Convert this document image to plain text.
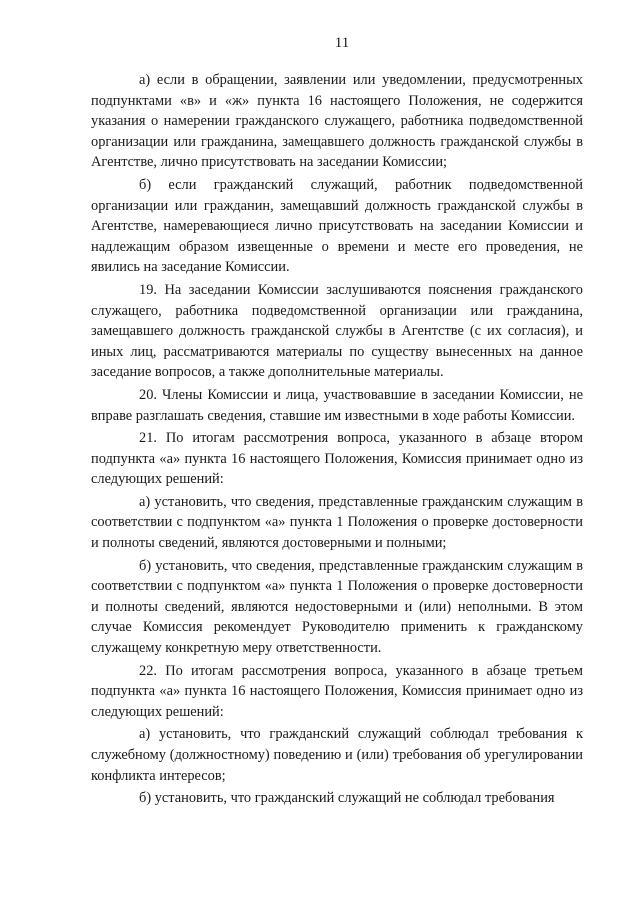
11

а) если в обращении, заявлении или уведомлении, предусмотренных подпунктами «в» и «ж» пункта 16 настоящего Положения, не содержится указания о намерении гражданского служащего, работника подведомственной организации или гражданина, замещавшего должность гражданской службы в Агентстве, лично присутствовать на заседании Комиссии;

б) если гражданский служащий, работник подведомственной организации или гражданин, замещавший должность гражданской службы в Агентстве, намеревающиеся лично присутствовать на заседании Комиссии и надлежащим образом извещенные о времени и месте его проведения, не явились на заседание Комиссии.

19. На заседании Комиссии заслушиваются пояснения гражданского служащего, работника подведомственной организации или гражданина, замещавшего должность гражданской службы в Агентстве (с их согласия), и иных лиц, рассматриваются материалы по существу вынесенных на данное заседание вопросов, а также дополнительные материалы.

20. Члены Комиссии и лица, участвовавшие в заседании Комиссии, не вправе разглашать сведения, ставшие им известными в ходе работы Комиссии.

21. По итогам рассмотрения вопроса, указанного в абзаце втором подпункта «а» пункта 16 настоящего Положения, Комиссия принимает одно из следующих решений:

а) установить, что сведения, представленные гражданским служащим в соответствии с подпунктом «а» пункта 1 Положения о проверке достоверности и полноты сведений, являются достоверными и полными;

б) установить, что сведения, представленные гражданским служащим в соответствии с подпунктом «а» пункта 1 Положения о проверке достоверности и полноты сведений, являются недостоверными и (или) неполными. В этом случае Комиссия рекомендует Руководителю применить к гражданскому служащему конкретную меру ответственности.

22. По итогам рассмотрения вопроса, указанного в абзаце третьем подпункта «а» пункта 16 настоящего Положения, Комиссия принимает одно из следующих решений:

а) установить, что гражданский служащий соблюдал требования к служебному (должностному) поведению и (или) требования об урегулировании конфликта интересов;

б) установить, что гражданский служащий не соблюдал требования
